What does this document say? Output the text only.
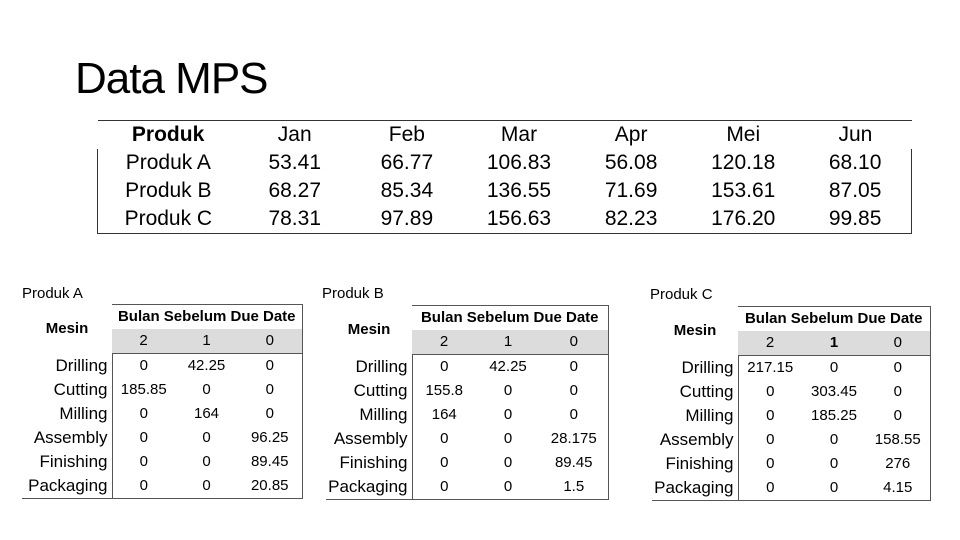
Data MPS
Produk	Jan	Feb	Mar	Apr	Mei	Jun
Produk A	53.41	66.77	106.83	56.08	120.18	68.10
Produk B	68.27	85.34	136.55	71.69	153.61	87.05
Produk C	78.31	97.89	156.63	82.23	176.20	99.85
Produk A	Produk B	Produk C
Mesin	Bulan Sebelum Due Date		
	2	1	0
Drilling	0	42.25	0
Cutting	185.85	0	0
Milling	0	164	0
Assembly	0	0	96.25
Finishing	0	0	89.45
Packaging	0	0	20.85
Mesin	Bulan Sebelum Due Date		
	2	1	0
Drilling	0	42.25	0
Cutting	155.8	0	0
Milling	164	0	0
Assembly	0	0	28.175
Finishing	0	0	89.45
Packaging	0	0	1.5
Mesin	Bulan Sebelum Due Date		
	2	1	0
Drilling	217.15	0	0
Cutting	0	303.45	0
Milling	0	185.25	0
Assembly	0	0	158.55
Finishing	0	0	276
Packaging	0	0	4.15
